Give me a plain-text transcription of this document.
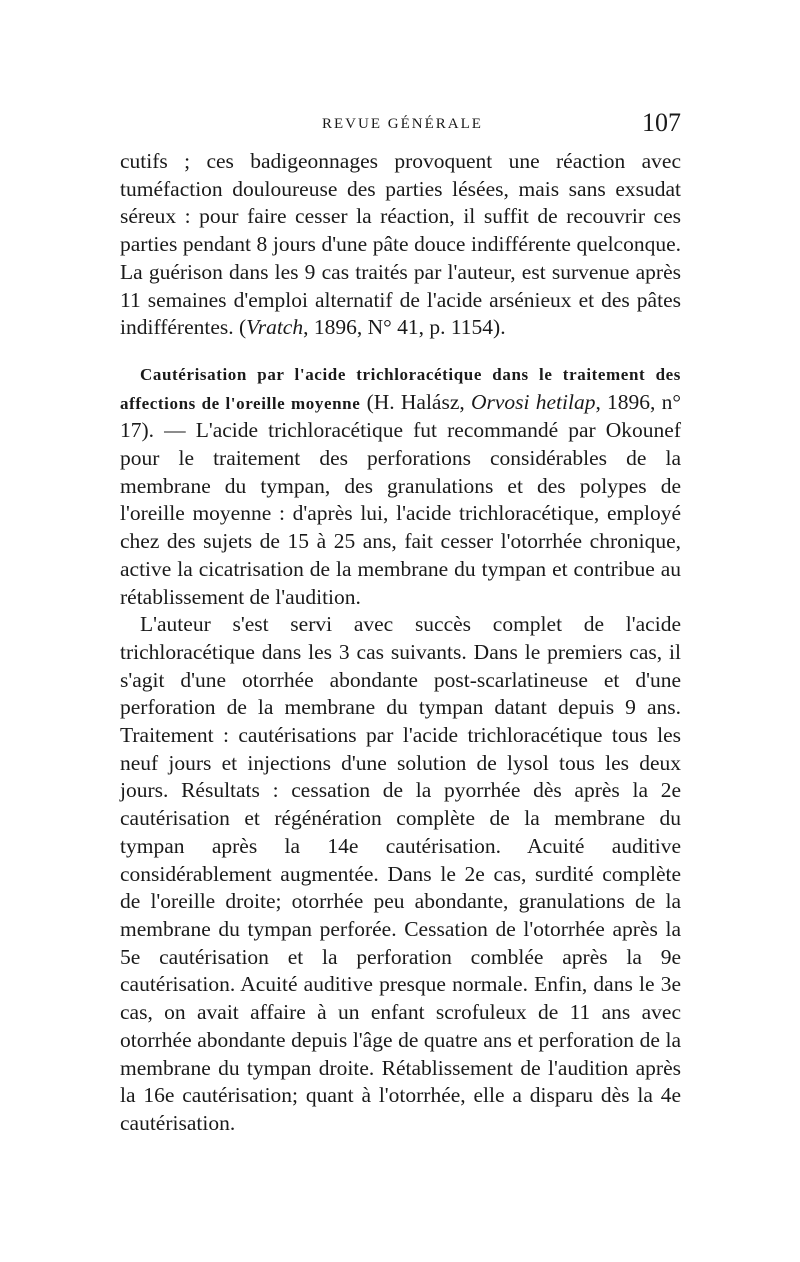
REVUE GÉNÉRALE	107

cutifs ; ces badigeonnages provoquent une réaction avec tuméfaction douloureuse des parties lésées, mais sans exsudat séreux : pour faire cesser la réaction, il suffit de recouvrir ces parties pendant 8 jours d'une pâte douce indifférente quelconque. La guérison dans les 9 cas traités par l'auteur, est survenue après 11 semaines d'emploi alternatif de l'acide arsénieux et des pâtes indifférentes. (Vratch, 1896, N° 41, p. 1154).

Cautérisation par l'acide trichloracétique dans le traitement des affections de l'oreille moyenne (H. Halász, Orvosi hetilap, 1896, n° 17). — L'acide trichloracétique fut recommandé par Okounef pour le traitement des perforations considérables de la membrane du tympan, des granulations et des polypes de l'oreille moyenne : d'après lui, l'acide trichloracétique, employé chez des sujets de 15 à 25 ans, fait cesser l'otorrhée chronique, active la cicatrisation de la membrane du tympan et contribue au rétablissement de l'audition.

L'auteur s'est servi avec succès complet de l'acide trichloracétique dans les 3 cas suivants. Dans le premiers cas, il s'agit d'une otorrhée abondante post-scarlatineuse et d'une perforation de la membrane du tympan datant depuis 9 ans. Traitement : cautérisations par l'acide trichloracétique tous les neuf jours et injections d'une solution de lysol tous les deux jours. Résultats : cessation de la pyorrhée dès après la 2e cautérisation et régénération complète de la membrane du tympan après la 14e cautérisation. Acuité auditive considérablement augmentée. Dans le 2e cas, surdité complète de l'oreille droite; otorrhée peu abondante, granulations de la membrane du tympan perforée. Cessation de l'otorrhée après la 5e cautérisation et la perforation comblée après la 9e cautérisation. Acuité auditive presque normale. Enfin, dans le 3e cas, on avait affaire à un enfant scrofuleux de 11 ans avec otorrhée abondante depuis l'âge de quatre ans et perforation de la membrane du tympan droite. Rétablissement de l'audition après la 16e cautérisation; quant à l'otorrhée, elle a disparu dès la 4e cautérisation.
